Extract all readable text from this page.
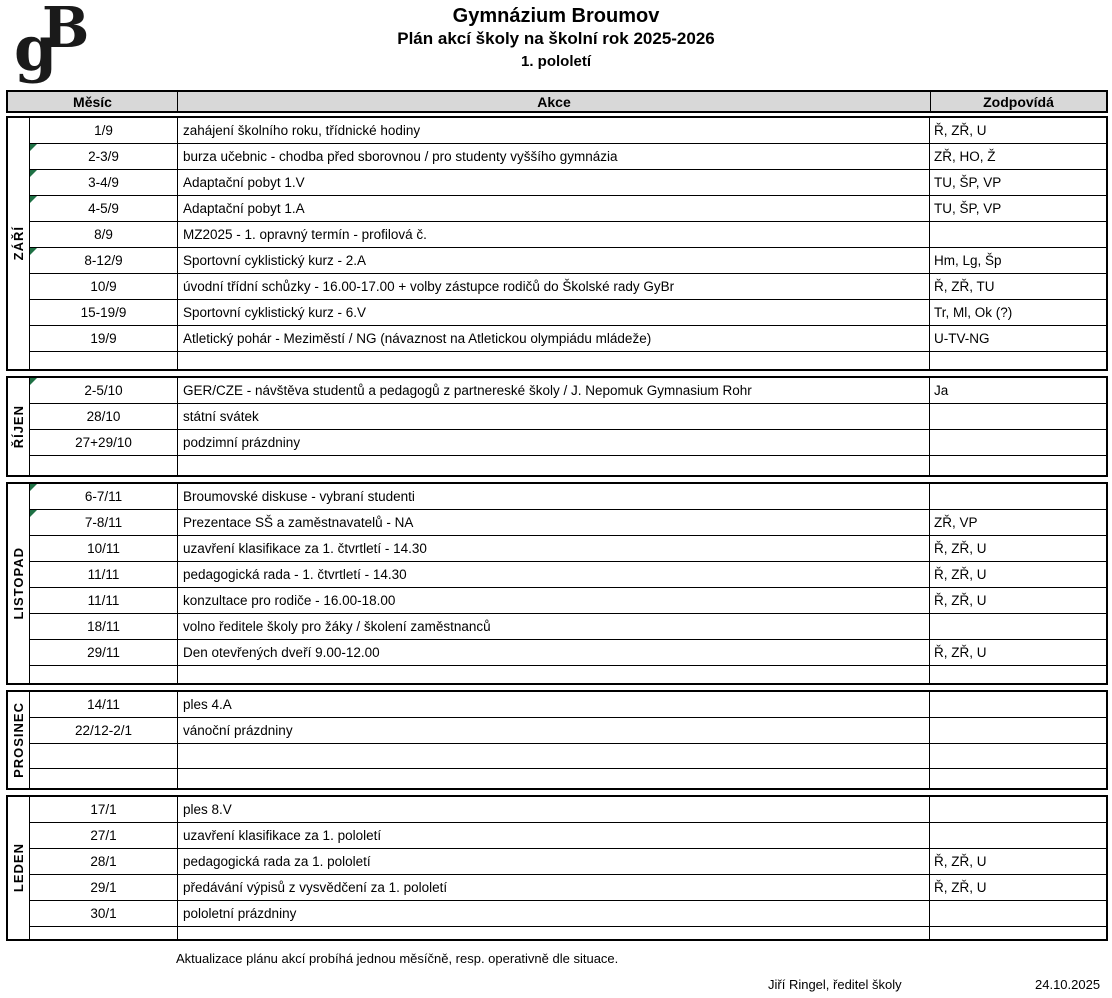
g
B	Gymnázium Broumov
Plán akcí školy na školní rok 2025-2026
1. pololetí
Měsíc	Akce	Zodpovídá
ZÁŘÍ
1/9	zahájení školního roku, třídnické hodiny	Ř, ZŘ, U
2-3/9	burza učebnic - chodba před sborovnou / pro studenty vyššího gymnázia	ZŘ, HO, Ž
3-4/9	Adaptační pobyt 1.V	TU, ŠP, VP
4-5/9	Adaptační pobyt 1.A	TU, ŠP, VP
8/9	MZ2025 - 1. opravný termín - profilová č.
8-12/9	Sportovní cyklistický kurz - 2.A	Hm, Lg, Šp
10/9	úvodní třídní schůzky - 16.00-17.00 + volby zástupce rodičů do Školské rady GyBr	Ř, ZŘ, TU
15-19/9	Sportovní cyklistický kurz - 6.V	Tr, Ml, Ok (?)
19/9	Atletický pohár - Meziměstí / NG (návaznost na Atletickou olympiádu mládeže)	U-TV-NG
ŘÍJEN
2-5/10	GER/CZE - návštěva studentů a pedagogů z partnereské školy / J. Nepomuk Gymnasium Rohr	Ja
28/10	státní svátek
27+29/10	podzimní prázdniny
LISTOPAD
6-7/11	Broumovské diskuse - vybraní studenti
7-8/11	Prezentace SŠ a zaměstnavatelů - NA	ZŘ, VP
10/11	uzavření klasifikace za 1. čtvrtletí - 14.30	Ř, ZŘ, U
11/11	pedagogická rada - 1. čtvrtletí - 14.30	Ř, ZŘ, U
11/11	konzultace pro rodiče - 16.00-18.00	Ř, ZŘ, U
18/11	volno ředitele školy pro žáky / školení zaměstnanců
29/11	Den otevřených dveří 9.00-12.00	Ř, ZŘ, U
PROSINEC	14/11	ples 4.A
22/12-2/1	vánoční prázdniny
LEDEN
17/1	ples 8.V
27/1	uzavření klasifikace za 1. pololetí
28/1	pedagogická rada za 1. pololetí	Ř, ZŘ, U
29/1	předávání výpisů z vysvědčení za 1. pololetí	Ř, ZŘ, U
30/1	pololetní prázdniny
Aktualizace plánu akcí probíhá jednou měsíčně, resp. operativně dle situace.
Jiří Ringel, ředitel školy	24.10.2025
